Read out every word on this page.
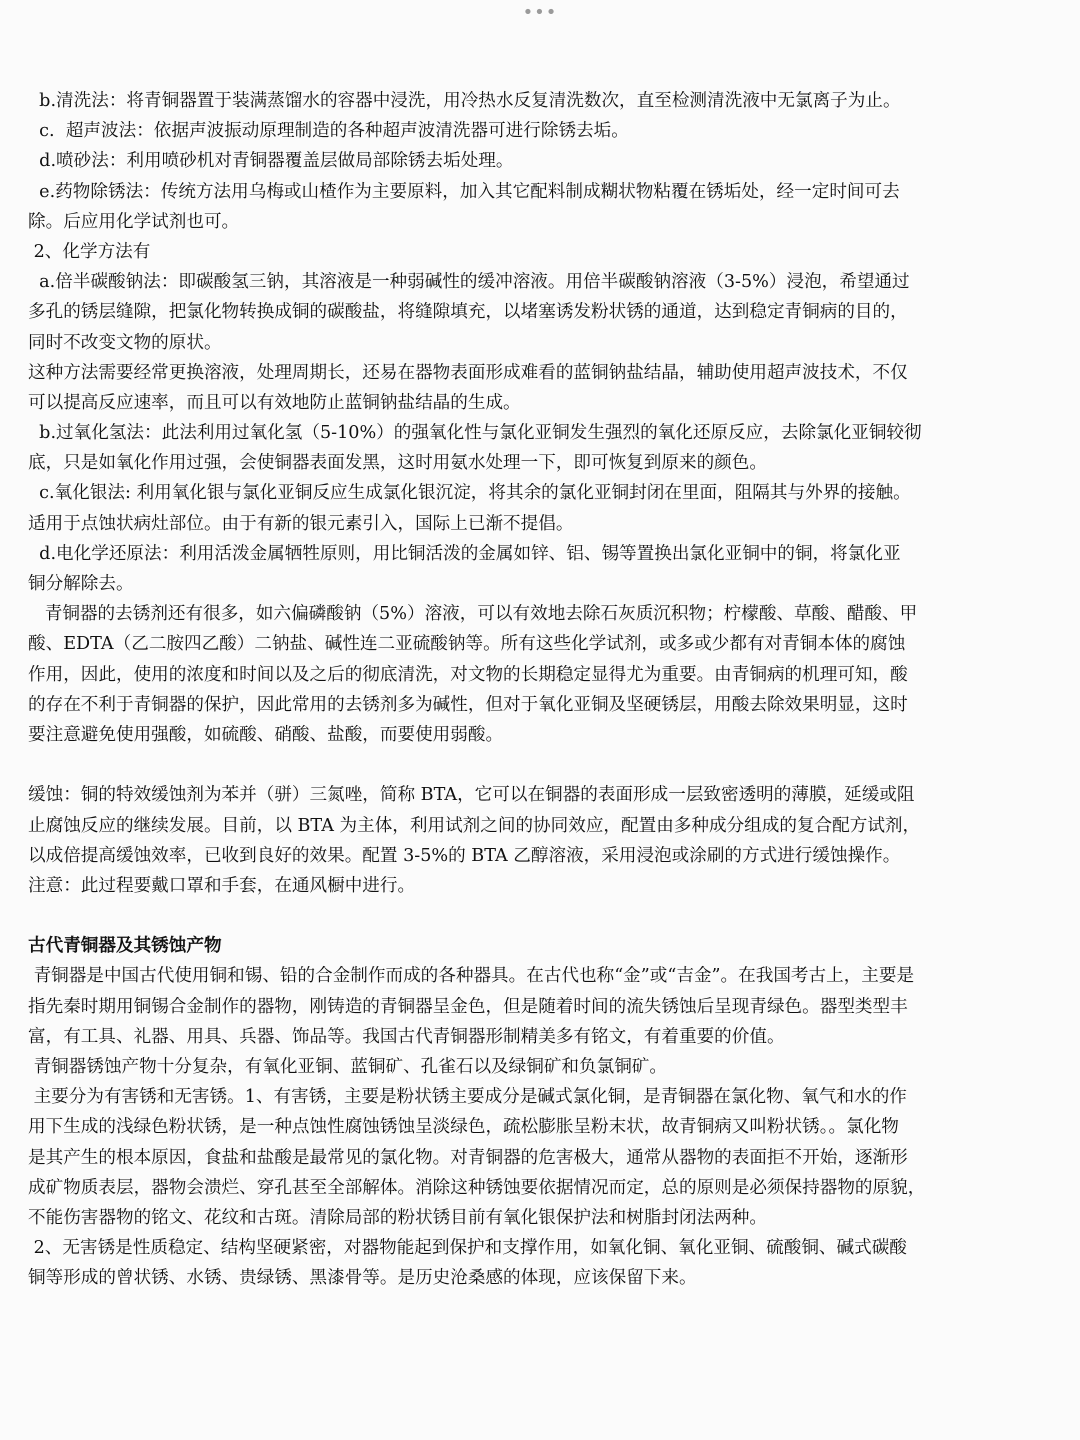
•••
b.清洗法：将青铜器置于装满蒸馏水的容器中浸洗，用冷热水反复清洗数次，直至检测清洗液中无氯离子为止。
c.  超声波法：依据声波振动原理制造的各种超声波清洗器可进行除锈去垢。
d.喷砂法：利用喷砂机对青铜器覆盖层做局部除锈去垢处理。
e.药物除锈法：传统方法用乌梅或山楂作为主要原料，加入其它配料制成糊状物粘覆在锈垢处，经一定时间可去
除。后应用化学试剂也可。
2、化学方法有
a.倍半碳酸钠法：即碳酸氢三钠，其溶液是一种弱碱性的缓冲溶液。用倍半碳酸钠溶液（3-5%）浸泡，希望通过
多孔的锈层缝隙，把氯化物转换成铜的碳酸盐，将缝隙填充，以堵塞诱发粉状锈的通道，达到稳定青铜病的目的，
同时不改变文物的原状。
这种方法需要经常更换溶液，处理周期长，还易在器物表面形成难看的蓝铜钠盐结晶，辅助使用超声波技术，不仅
可以提高反应速率，而且可以有效地防止蓝铜钠盐结晶的生成。
b.过氧化氢法：此法利用过氧化氢（5-10%）的强氧化性与氯化亚铜发生强烈的氧化还原反应，去除氯化亚铜较彻
底，只是如氧化作用过强，会使铜器表面发黑，这时用氨水处理一下，即可恢复到原来的颜色。
c.氧化银法: 利用氧化银与氯化亚铜反应生成氯化银沉淀，将其余的氯化亚铜封闭在里面，阻隔其与外界的接触。
适用于点蚀状病灶部位。由于有新的银元素引入，国际上已渐不提倡。
d.电化学还原法：利用活泼金属牺牲原则，用比铜活泼的金属如锌、铝、锡等置换出氯化亚铜中的铜，将氯化亚
铜分解除去。
青铜器的去锈剂还有很多，如六偏磷酸钠（5%）溶液，可以有效地去除石灰质沉积物；柠檬酸、草酸、醋酸、甲
酸、EDTA（乙二胺四乙酸）二钠盐、碱性连二亚硫酸钠等。所有这些化学试剂，或多或少都有对青铜本体的腐蚀
作用，因此，使用的浓度和时间以及之后的彻底清洗，对文物的长期稳定显得尤为重要。由青铜病的机理可知，酸
的存在不利于青铜器的保护，因此常用的去锈剂多为碱性，但对于氧化亚铜及坚硬锈层，用酸去除效果明显，这时
要注意避免使用强酸，如硫酸、硝酸、盐酸，而要使用弱酸。
缓蚀：铜的特效缓蚀剂为苯并（骈）三氮唑，简称 BTA，它可以在铜器的表面形成一层致密透明的薄膜，延缓或阻
止腐蚀反应的继续发展。目前，以 BTA 为主体，利用试剂之间的协同效应，配置由多种成分组成的复合配方试剂，
以成倍提高缓蚀效率，已收到良好的效果。配置 3-5%的 BTA 乙醇溶液，采用浸泡或涂刷的方式进行缓蚀操作。
注意：此过程要戴口罩和手套，在通风橱中进行。
古代青铜器及其锈蚀产物
青铜器是中国古代使用铜和锡、铅的合金制作而成的各种器具。在古代也称“金”或“吉金”。在我国考古上，主要是
指先秦时期用铜锡合金制作的器物，刚铸造的青铜器呈金色，但是随着时间的流失锈蚀后呈现青绿色。器型类型丰
富，有工具、礼器、用具、兵器、饰品等。我国古代青铜器形制精美多有铭文，有着重要的价值。
青铜器锈蚀产物十分复杂，有氧化亚铜、蓝铜矿、孔雀石以及绿铜矿和负氯铜矿。
主要分为有害锈和无害锈。1、有害锈，主要是粉状锈主要成分是碱式氯化铜，是青铜器在氯化物、氧气和水的作
用下生成的浅绿色粉状锈，是一种点蚀性腐蚀锈蚀呈淡绿色，疏松膨胀呈粉末状，故青铜病又叫粉状锈。。氯化物
是其产生的根本原因，食盐和盐酸是最常见的氯化物。对青铜器的危害极大，通常从器物的表面拒不开始，逐渐形
成矿物质表层，器物会溃烂、穿孔甚至全部解体。消除这种锈蚀要依据情况而定，总的原则是必须保持器物的原貌，
不能伤害器物的铭文、花纹和古斑。清除局部的粉状锈目前有氧化银保护法和树脂封闭法两种。
2、无害锈是性质稳定、结构坚硬紧密，对器物能起到保护和支撑作用，如氧化铜、氧化亚铜、硫酸铜、碱式碳酸
铜等形成的曾状锈、水锈、贵绿锈、黑漆骨等。是历史沧桑感的体现，应该保留下来。
